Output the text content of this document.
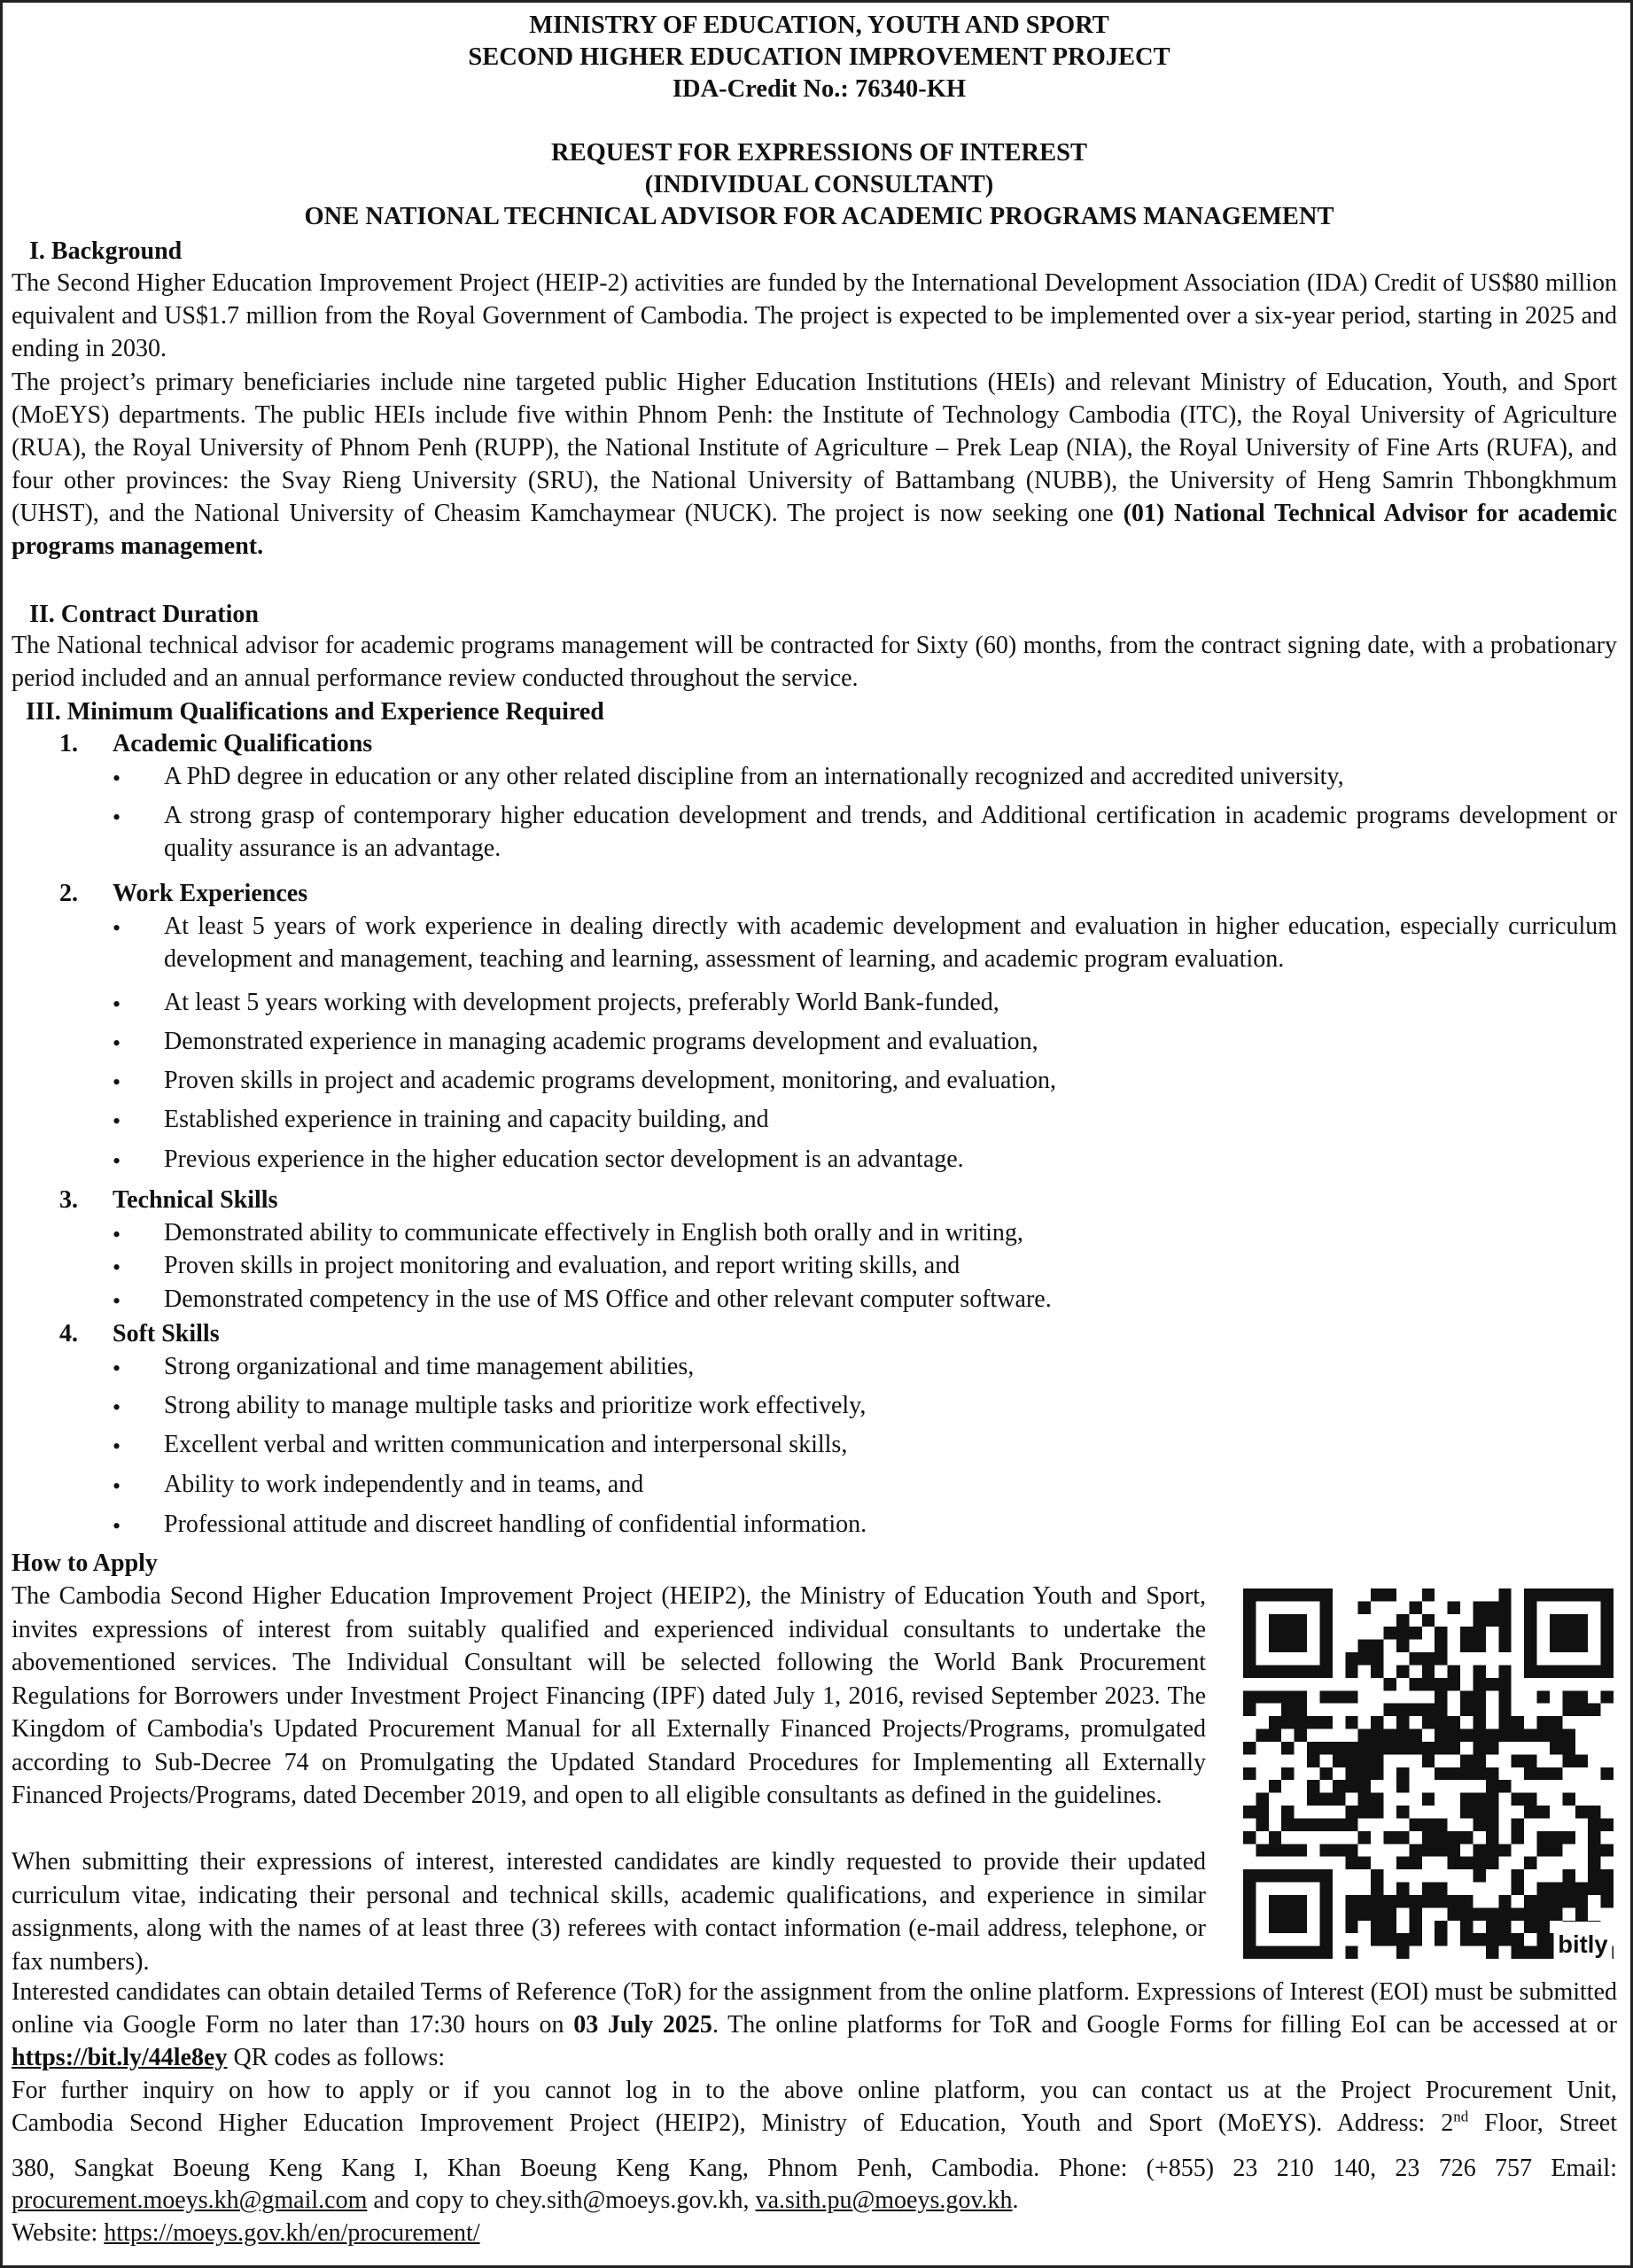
MINISTRY OF EDUCATION, YOUTH AND SPORT
SECOND HIGHER EDUCATION IMPROVEMENT PROJECT
IDA-Credit No.: 76340-KH
REQUEST FOR EXPRESSIONS OF INTEREST
(INDIVIDUAL CONSULTANT)
ONE NATIONAL TECHNICAL ADVISOR FOR ACADEMIC PROGRAMS MANAGEMENT
I. Background
The Second Higher Education Improvement Project (HEIP-2) activities are funded by the International Development Association (IDA) Credit of US$80 million equivalent and US$1.7 million from the Royal Government of Cambodia. The project is expected to be implemented over a six-year period, starting in 2025 and ending in 2030.
The project’s primary beneficiaries include nine targeted public Higher Education Institutions (HEIs) and relevant Ministry of Education, Youth, and Sport (MoEYS) departments. The public HEIs include five within Phnom Penh: the Institute of Technology Cambodia (ITC), the Royal University of Agriculture (RUA), the Royal University of Phnom Penh (RUPP), the National Institute of Agriculture – Prek Leap (NIA), the Royal University of Fine Arts (RUFA), and four other provinces: the Svay Rieng University (SRU), the National University of Battambang (NUBB), the University of Heng Samrin Thbongkhmum (UHST), and the National University of Cheasim Kamchaymear (NUCK). The project is now seeking one (01) National Technical Advisor for academic programs management.
II. Contract Duration
The National technical advisor for academic programs management will be contracted for Sixty (60) months, from the contract signing date, with a probationary period included and an annual performance review conducted throughout the service.
III. Minimum Qualifications and Experience Required
1. Academic Qualifications
A PhD degree in education or any other related discipline from an internationally recognized and accredited university,
A strong grasp of contemporary higher education development and trends, and Additional certification in academic programs development or quality assurance is an advantage.
2. Work Experiences
At least 5 years of work experience in dealing directly with academic development and evaluation in higher education, especially curriculum development and management, teaching and learning, assessment of learning, and academic program evaluation.
At least 5 years working with development projects, preferably World Bank-funded,
Demonstrated experience in managing academic programs development and evaluation,
Proven skills in project and academic programs development, monitoring, and evaluation,
Established experience in training and capacity building, and
Previous experience in the higher education sector development is an advantage.
3. Technical Skills
Demonstrated ability to communicate effectively in English both orally and in writing,
Proven skills in project monitoring and evaluation, and report writing skills, and
Demonstrated competency in the use of MS Office and other relevant computer software.
4. Soft Skills
Strong organizational and time management abilities,
Strong ability to manage multiple tasks and prioritize work effectively,
Excellent verbal and written communication and interpersonal skills,
Ability to work independently and in teams, and
Professional attitude and discreet handling of confidential information.
How to Apply
The Cambodia Second Higher Education Improvement Project (HEIP2), the Ministry of Education Youth and Sport, invites expressions of interest from suitably qualified and experienced individual consultants to undertake the abovementioned services. The Individual Consultant will be selected following the World Bank Procurement Regulations for Borrowers under Investment Project Financing (IPF) dated July 1, 2016, revised September 2023. The Kingdom of Cambodia's Updated Procurement Manual for all Externally Financed Projects/Programs, promulgated according to Sub-Decree 74 on Promulgating the Updated Standard Procedures for Implementing all Externally Financed Projects/Programs, dated December 2019, and open to all eligible consultants as defined in the guidelines.
When submitting their expressions of interest, interested candidates are kindly requested to provide their updated curriculum vitae, indicating their personal and technical skills, academic qualifications, and experience in similar assignments, along with the names of at least three (3) referees with contact information (e-mail address, telephone, or fax numbers).
bitly
Interested candidates can obtain detailed Terms of Reference (ToR) for the assignment from the online platform. Expressions of Interest (EOI) must be submitted online via Google Form no later than 17:30 hours on 03 July 2025. The online platforms for ToR and Google Forms for filling EoI can be accessed at or https://bit.ly/44le8ey QR codes as follows:
For further inquiry on how to apply or if you cannot log in to the above online platform, you can contact us at the Project Procurement Unit,
Cambodia Second Higher Education Improvement Project (HEIP2), Ministry of Education, Youth and Sport (MoEYS). Address: 2nd Floor, Street
380, Sangkat Boeung Keng Kang I, Khan Boeung Keng Kang, Phnom Penh, Cambodia. Phone: (+855) 23 210 140, 23 726 757 Email:
procurement.moeys.kh@gmail.com and copy to chey.sith@moeys.gov.kh, va.sith.pu@moeys.gov.kh.
Website: https://moeys.gov.kh/en/procurement/
